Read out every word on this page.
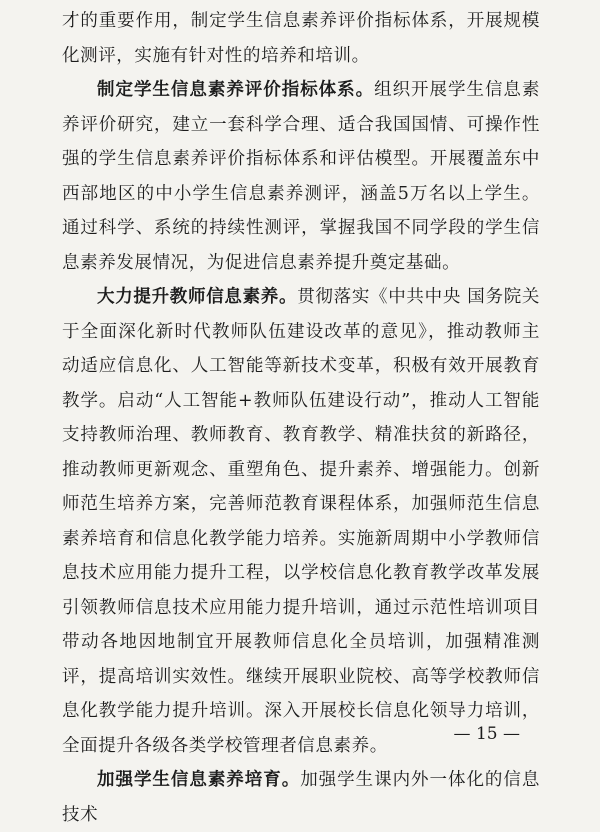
才的重要作用，制定学生信息素养评价指标体系，开展规模化测评，实施有针对性的培养和培训。

制定学生信息素养评价指标体系。组织开展学生信息素养评价研究，建立一套科学合理、适合我国国情、可操作性强的学生信息素养评价指标体系和评估模型。开展覆盖东中西部地区的中小学生信息素养测评，涵盖5万名以上学生。通过科学、系统的持续性测评，掌握我国不同学段的学生信息素养发展情况，为促进信息素养提升奠定基础。

大力提升教师信息素养。贯彻落实《中共中央 国务院关于全面深化新时代教师队伍建设改革的意见》，推动教师主动适应信息化、人工智能等新技术变革，积极有效开展教育教学。启动“人工智能+教师队伍建设行动”，推动人工智能支持教师治理、教师教育、教育教学、精准扶贫的新路径，推动教师更新观念、重塑角色、提升素养、增强能力。创新师范生培养方案，完善师范教育课程体系，加强师范生信息素养培育和信息化教学能力培养。实施新周期中小学教师信息技术应用能力提升工程，以学校信息化教育教学改革发展引领教师信息技术应用能力提升培训，通过示范性培训项目带动各地因地制宜开展教师信息化全员培训，加强精准测评，提高培训实效性。继续开展职业院校、高等学校教师信息化教学能力提升培训。深入开展校长信息化领导力培训，全面提升各级各类学校管理者信息素养。

加强学生信息素养培育。加强学生课内外一体化的信息技术

— 15 —
